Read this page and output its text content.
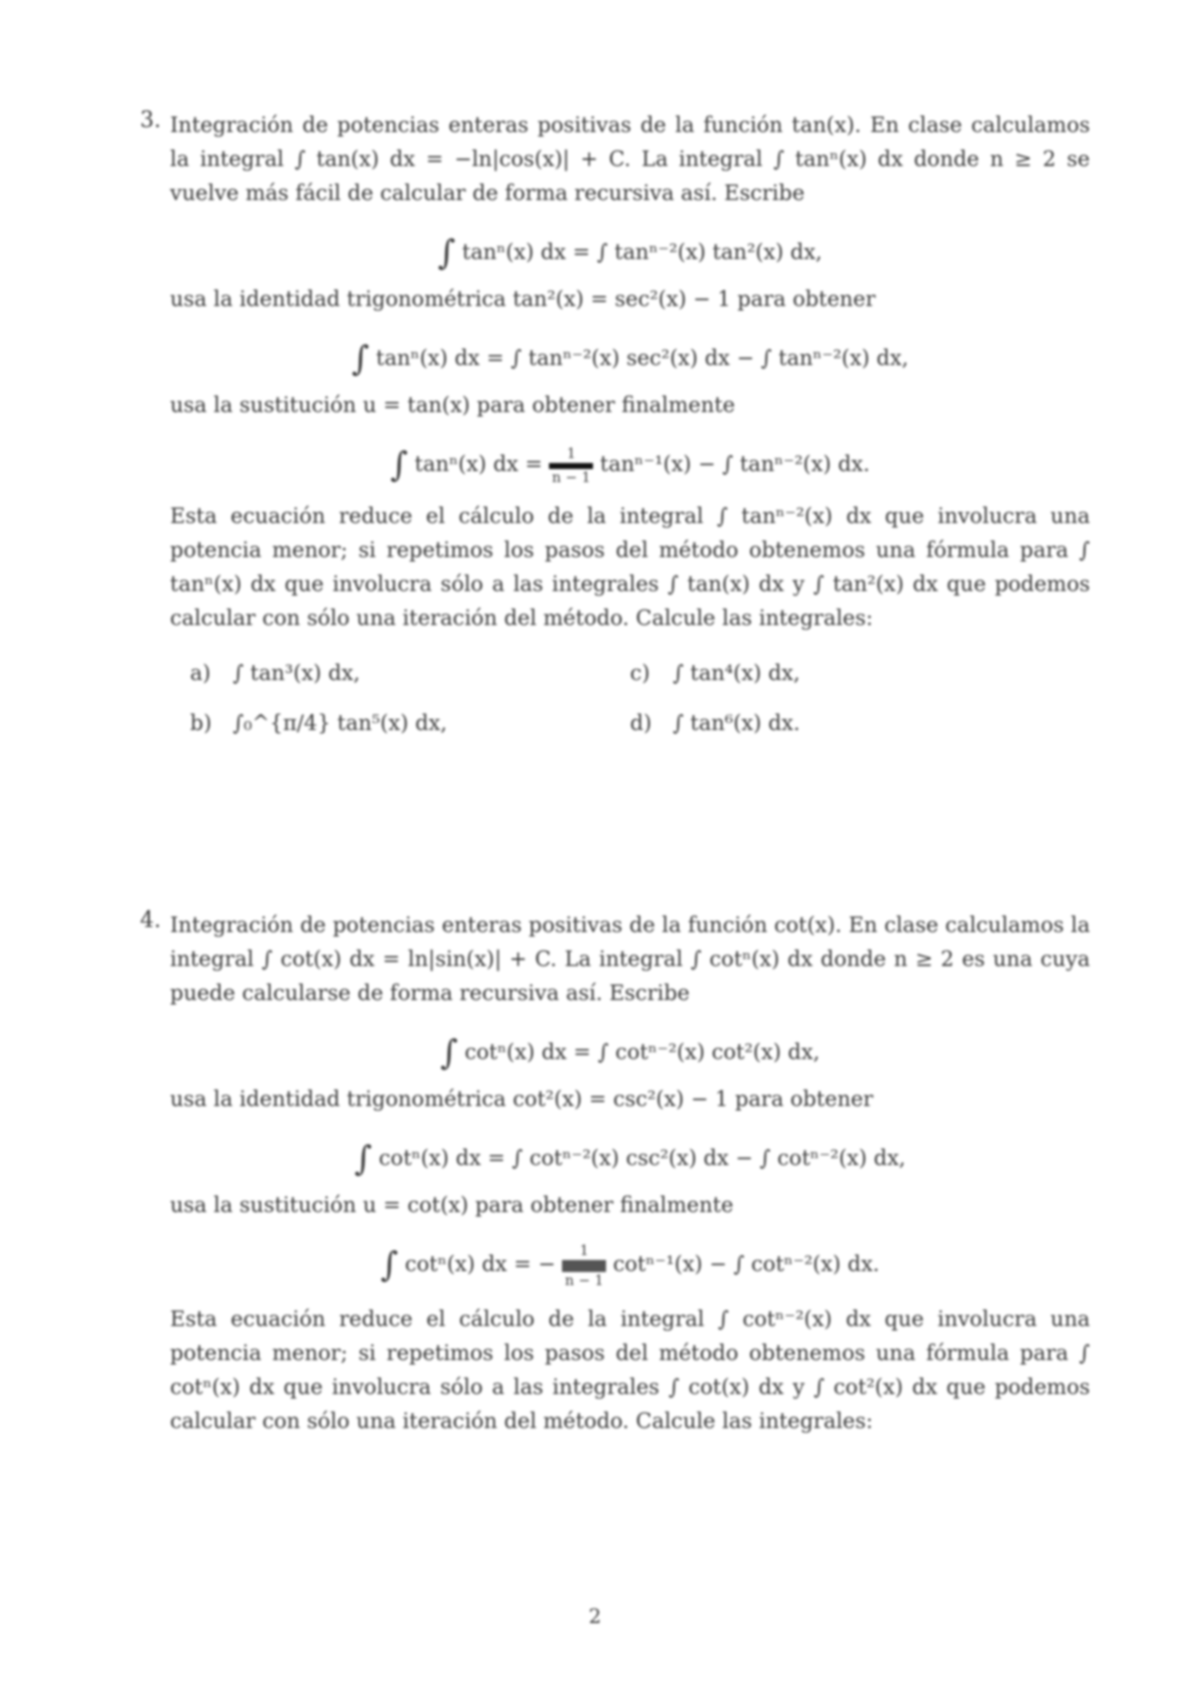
3. Integración de potencias enteras positivas de la función tan(x). En clase calculamos la integral ∫ tan(x) dx = −ln|cos(x)| + C. La integral ∫ tanⁿ(x) dx donde n ≥ 2 se vuelve más fácil de calcular de forma recursiva así. Escribe
∫ tanⁿ(x) dx = ∫ tanⁿ⁻²(x) tan²(x) dx,
usa la identidad trigonométrica tan²(x) = sec²(x) − 1 para obtener
∫ tanⁿ(x) dx = ∫ tanⁿ⁻²(x) sec²(x) dx − ∫ tanⁿ⁻²(x) dx,
usa la sustitución u = tan(x) para obtener finalmente
∫ tanⁿ(x) dx = 1
n − 1 tanⁿ⁻¹(x) − ∫ tanⁿ⁻²(x) dx.
Esta ecuación reduce el cálculo de la integral ∫ tanⁿ⁻²(x) dx que involucra una potencia menor; si repetimos los pasos del método obtenemos una fórmula para ∫ tanⁿ(x) dx que involucra sólo a las integrales ∫ tan(x) dx y ∫ tan²(x) dx que podemos calcular con sólo una iteración del método. Calcule las integrales:
a) ∫ tan³(x) dx,	c) ∫ tan⁴(x) dx,
b) ∫₀^{π/4} tan⁵(x) dx,	d) ∫ tan⁶(x) dx.
4. Integración de potencias enteras positivas de la función cot(x). En clase calculamos la integral ∫ cot(x) dx = ln|sin(x)| + C. La integral ∫ cotⁿ(x) dx donde n ≥ 2 es una cuya puede calcularse de forma recursiva así. Escribe
∫ cotⁿ(x) dx = ∫ cotⁿ⁻²(x) cot²(x) dx,
usa la identidad trigonométrica cot²(x) = csc²(x) − 1 para obtener
∫ cotⁿ(x) dx = ∫ cotⁿ⁻²(x) csc²(x) dx − ∫ cotⁿ⁻²(x) dx,
usa la sustitución u = cot(x) para obtener finalmente
∫ cotⁿ(x) dx = − 1
n − 1 cotⁿ⁻¹(x) − ∫ cotⁿ⁻²(x) dx.
Esta ecuación reduce el cálculo de la integral ∫ cotⁿ⁻²(x) dx que involucra una potencia menor; si repetimos los pasos del método obtenemos una fórmula para ∫ cotⁿ(x) dx que involucra sólo a las integrales ∫ cot(x) dx y ∫ cot²(x) dx que podemos calcular con sólo una iteración del método. Calcule las integrales:
2
